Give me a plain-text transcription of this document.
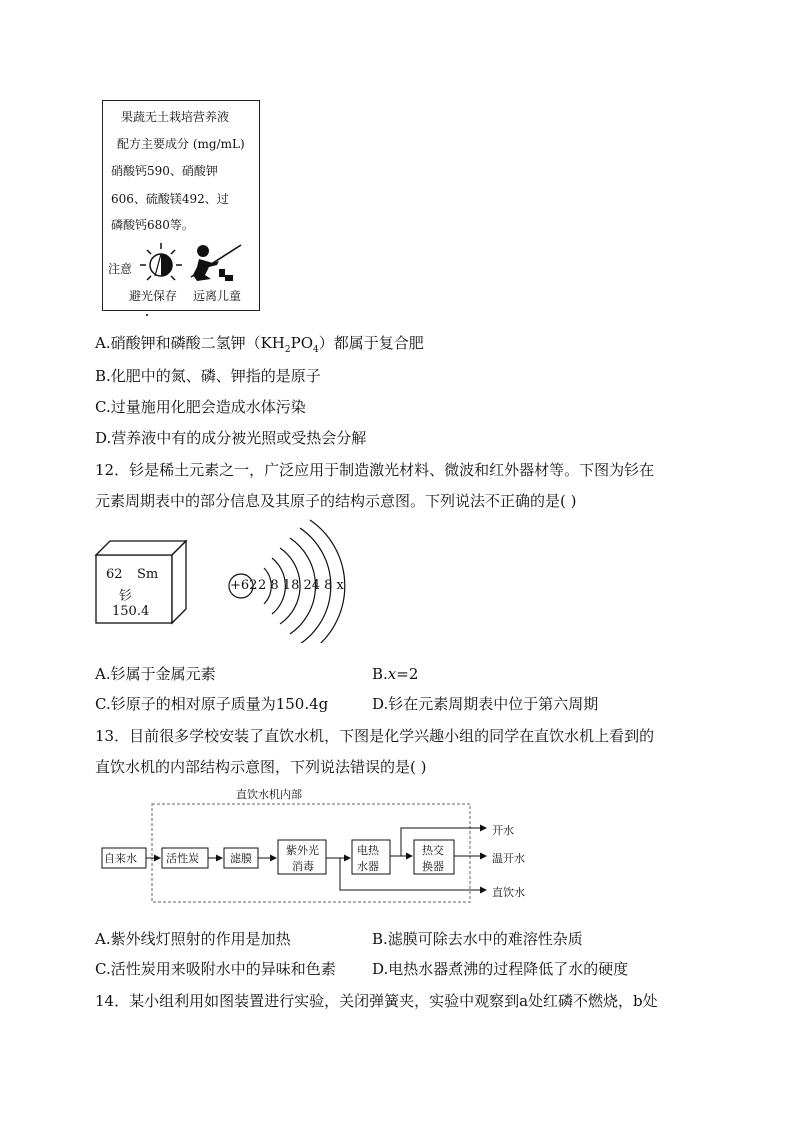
果蔬无土栽培营养液
配方主要成分 (mg/mL)
硝酸钙590、硝酸钾
606、硫酸镁492、过
磷酸钙680等。
注意
避光保存 远离儿童
A.硝酸钾和磷酸二氢钾$(KH_2PO_4)$都属于复合肥
B.化肥中的氮、磷、钾指的是原子
C.过量施用化肥会造成水体污染
D.营养液中有的成分被光照或受热会分解
12．钐是稀土元素之一，广泛应用于制造激光材料、微波和红外器材等。下图为钐在
元素周期表中的部分信息及其原子的结构示意图。下列说法不正确的是( )
62 Sm
钐
150.4
+62 2 8 18 24 8 x
A.钐属于金属元素	B.x=2
C.钐原子的相对原子质量为150.4g	D.钐在元素周期表中位于第六周期
13．目前很多学校安装了直饮水机，下图是化学兴趣小组的同学在直饮水机上看到的
直饮水机的内部结构示意图，下列说法错误的是( )
直饮水机内部
自来水	活性炭	滤膜
紫外光
消毒
电热
水器
热交
换器
开水
温开水
直饮水
A.紫外线灯照射的作用是加热	B.滤膜可除去水中的难溶性杂质
C.活性炭用来吸附水中的异味和色素 D.电热水器煮沸的过程降低了水的硬度
14．某小组利用如图装置进行实验，关闭弹簧夹，实验中观察到a处红磷不燃烧，b处
